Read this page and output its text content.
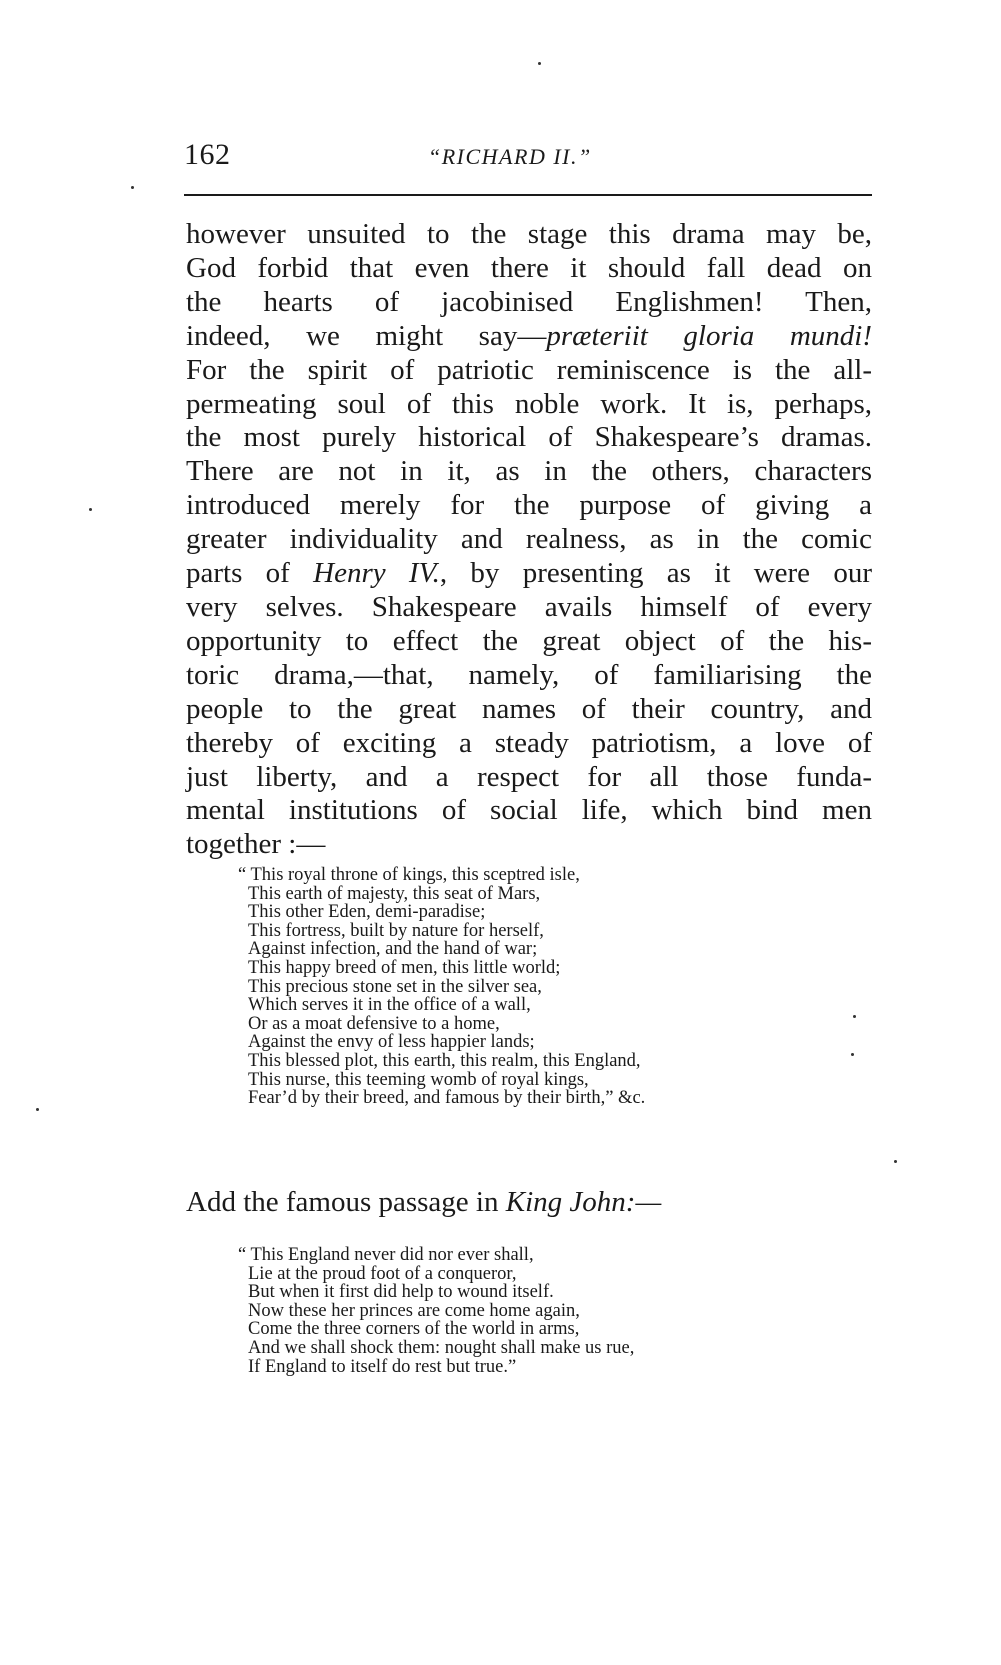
162	“RICHARD II.”
however unsuited to the stage this drama may be,
God forbid that even there it should fall dead on
the hearts of jacobinised Englishmen! Then,
indeed, we might say—præteriit gloria mundi!
For the spirit of patriotic reminiscence is the all-
permeating soul of this noble work. It is, perhaps,
the most purely historical of Shakespeare’s dramas.
There are not in it, as in the others, characters
introduced merely for the purpose of giving a
greater individuality and realness, as in the comic
parts of Henry IV., by presenting as it were our
very selves. Shakespeare avails himself of every
opportunity to effect the great object of the his-
toric drama,—that, namely, of familiarising the
people to the great names of their country, and
thereby of exciting a steady patriotism, a love of
just liberty, and a respect for all those funda-
mental institutions of social life, which bind men
together :—
“ This royal throne of kings, this sceptred isle,
This earth of majesty, this seat of Mars,
This other Eden, demi-paradise;
This fortress, built by nature for herself,
Against infection, and the hand of war;
This happy breed of men, this little world;
This precious stone set in the silver sea,
Which serves it in the office of a wall,
Or as a moat defensive to a home,
Against the envy of less happier lands;
This blessed plot, this earth, this realm, this England,
This nurse, this teeming womb of royal kings,
Fear’d by their breed, and famous by their birth,” &c.
Add the famous passage in King John:—
“ This England never did nor ever shall,
Lie at the proud foot of a conqueror,
But when it first did help to wound itself.
Now these her princes are come home again,
Come the three corners of the world in arms,
And we shall shock them: nought shall make us rue,
If England to itself do rest but true.”
